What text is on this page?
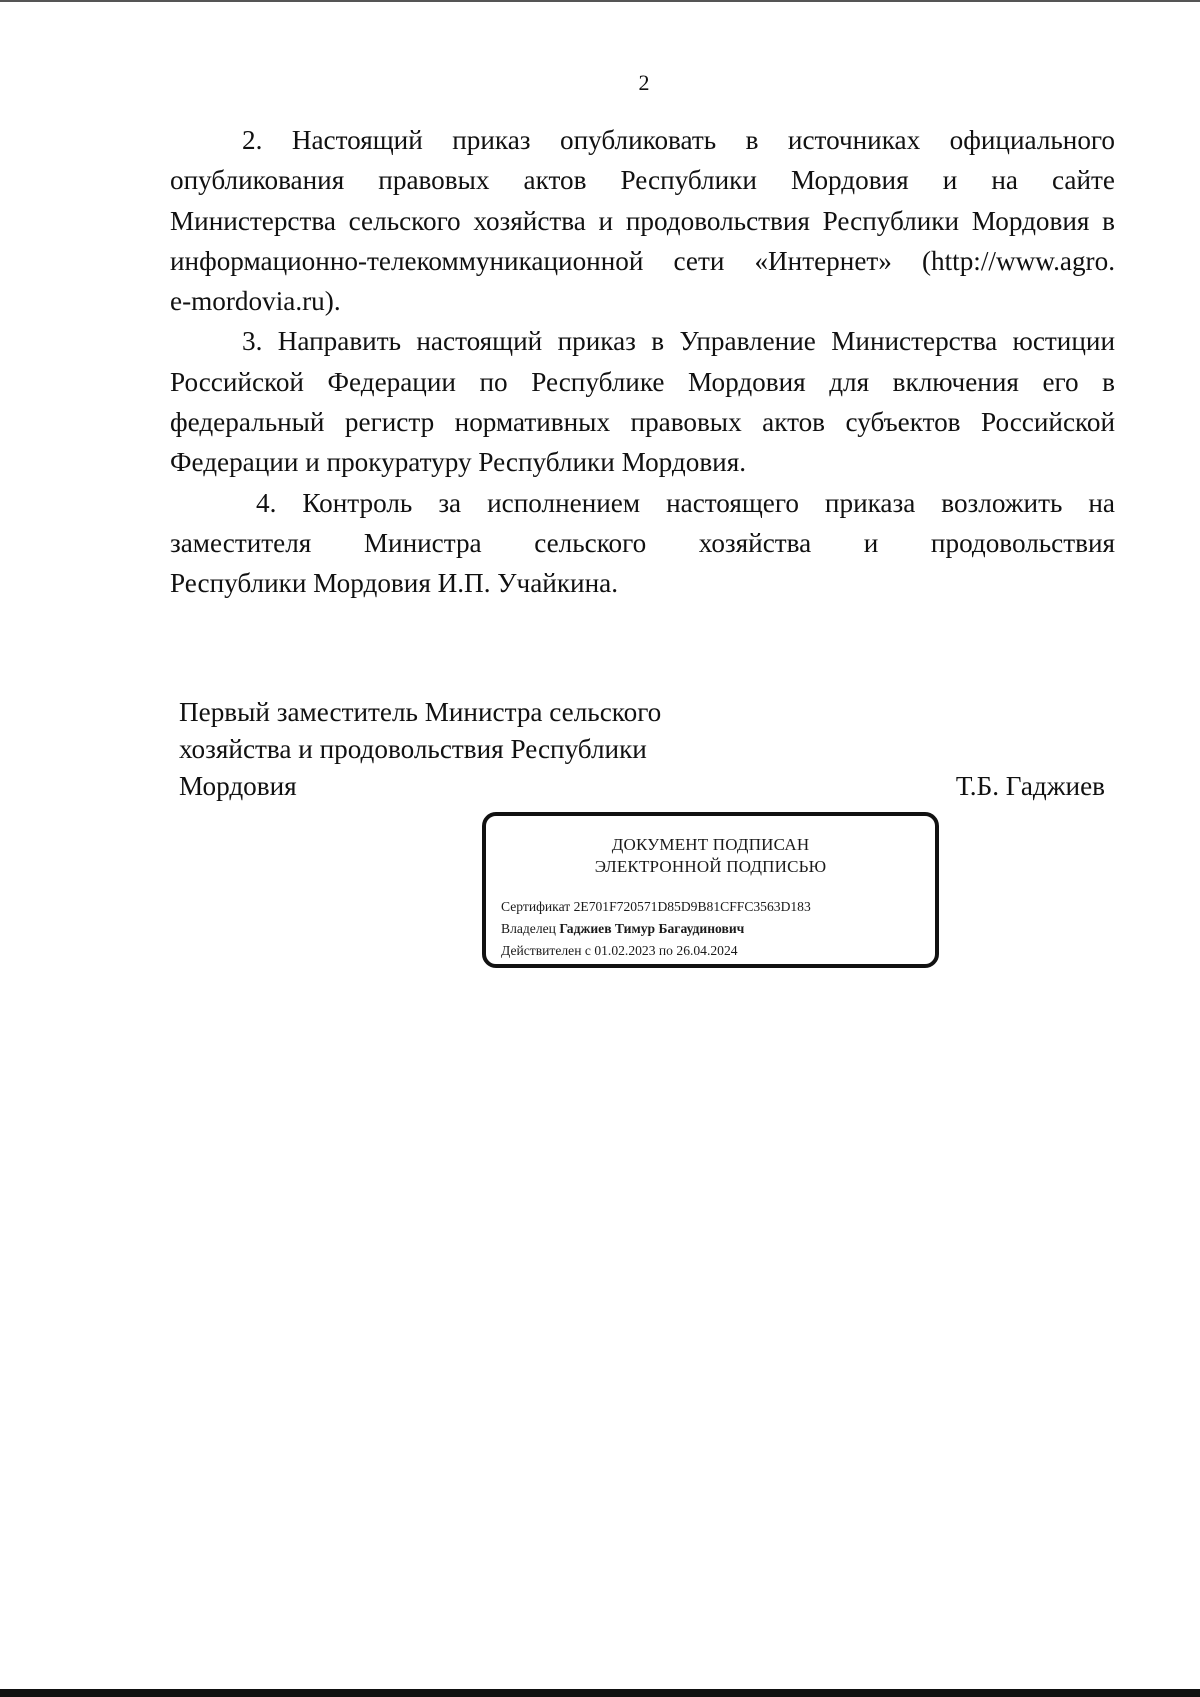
2
2. Настоящий приказ опубликовать в источниках официального
опубликования правовых актов Республики Мордовия и на сайте
Министерства сельского хозяйства и продовольствия Республики Мордовия в
информационно-телекоммуникационной сети «Интернет» (http://www.agro.
e-mordovia.ru).
3. Направить настоящий приказ в Управление Министерства юстиции
Российской Федерации по Республике Мордовия для включения его в
федеральный регистр нормативных правовых актов субъектов Российской
Федерации и прокуратуру Республики Мордовия.
4. Контроль за исполнением настоящего приказа возложить на
заместителя Министра сельского хозяйства и продовольствия
Республики Мордовия И.П. Учайкина.
Первый заместитель Министра сельского
хозяйства и продовольствия Республики
Мордовия	Т.Б. Гаджиев
ДОКУМЕНТ ПОДПИСАН
ЭЛЕКТРОННОЙ ПОДПИСЬЮ
Сертификат 2E701F720571D85D9B81CFFC3563D183
Владелец Гаджиев Тимур Багаудинович
Действителен с 01.02.2023 по 26.04.2024
